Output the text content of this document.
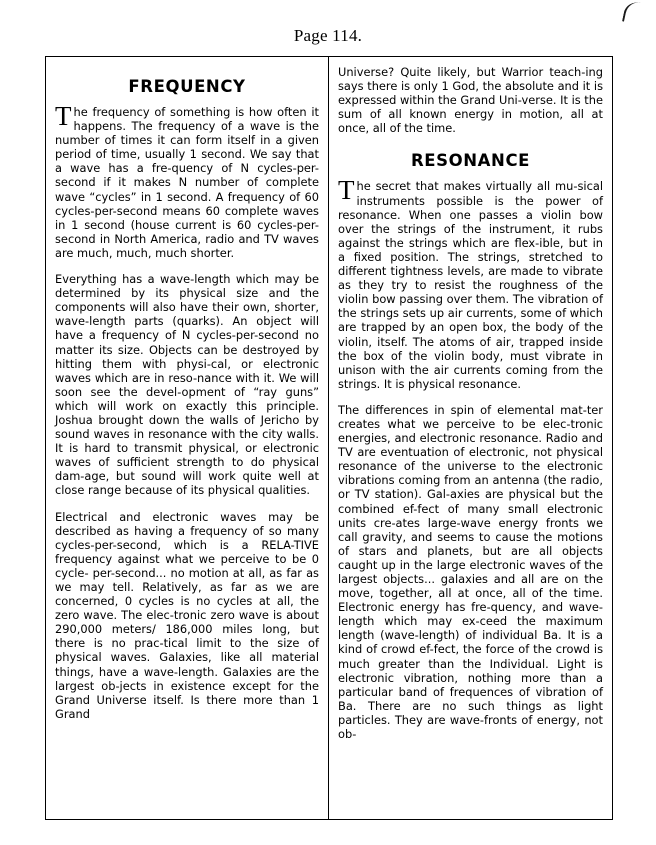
Page 114.
FREQUENCY

The frequency of something is how often it happens. The frequency of a wave is the number of times it can form itself in a given period of time, usually 1 second. We say that a wave has a fre-quency of N cycles-per-second if it makes N number of complete wave “cycles” in 1 second. A frequency of 60 cycles-per-second means 60 complete waves in 1 second (house current is 60 cycles-per-second in North America, radio and TV waves are much, much, much shorter.

Everything has a wave-length which may be determined by its physical size and the components will also have their own, shorter, wave-length parts (quarks). An object will have a frequency of N cycles-per-second no matter its size. Objects can be destroyed by hitting them with physi-cal, or electronic waves which are in reso-nance with it. We will soon see the devel-opment of “ray guns” which will work on exactly this principle. Joshua brought down the walls of Jericho by sound waves in resonance with the city walls. It is hard to transmit physical, or electronic waves of sufficient strength to do physical dam-age, but sound will work quite well at close range because of its physical qualities.

Electrical and electronic waves may be described as having a frequency of so many cycles-per-second, which is a RELA-TIVE frequency against what we perceive to be 0 cycle- per-second... no motion at all, as far as we may tell. Relatively, as far as we are concerned, 0 cycles is no cycles at all, the zero wave. The elec-tronic zero wave is about 290,000 meters/ 186,000 miles long, but there is no prac-tical limit to the size of physical waves. Galaxies, like all material things, have a wave-length. Galaxies are the largest ob-jects in existence except for the Grand Universe itself. Is there more than 1 Grand

Universe? Quite likely, but Warrior teach-ing says there is only 1 God, the absolute and it is expressed within the Grand Uni-verse. It is the sum of all known energy in motion, all at once, all of the time.

RESONANCE

The secret that makes virtually all mu-sical instruments possible is the power of resonance. When one passes a violin bow over the strings of the instrument, it rubs against the strings which are flex-ible, but in a fixed position. The strings, stretched to different tightness levels, are made to vibrate as they try to resist the roughness of the violin bow passing over them. The vibration of the strings sets up air currents, some of which are trapped by an open box, the body of the violin, itself. The atoms of air, trapped inside the box of the violin body, must vibrate in unison with the air currents coming from the strings. It is physical resonance.

The differences in spin of elemental mat-ter creates what we perceive to be elec-tronic energies, and electronic resonance. Radio and TV are eventuation of electronic, not physical resonance of the universe to the electronic vibrations coming from an antenna (the radio, or TV station). Gal-axies are physical but the combined ef-fect of many small electronic units cre-ates large-wave energy fronts we call gravity, and seems to cause the motions of stars and planets, but are all objects caught up in the large electronic waves of the largest objects... galaxies and all are on the move, together, all at once, all of the time. Electronic energy has fre-quency, and wave-length which may ex-ceed the maximum length (wave-length) of individual Ba. It is a kind of crowd ef-fect, the force of the crowd is much greater than the Individual. Light is electronic vibration, nothing more than a particular band of frequences of vibration of Ba. There are no such things as light particles. They are wave-fronts of energy, not ob-
